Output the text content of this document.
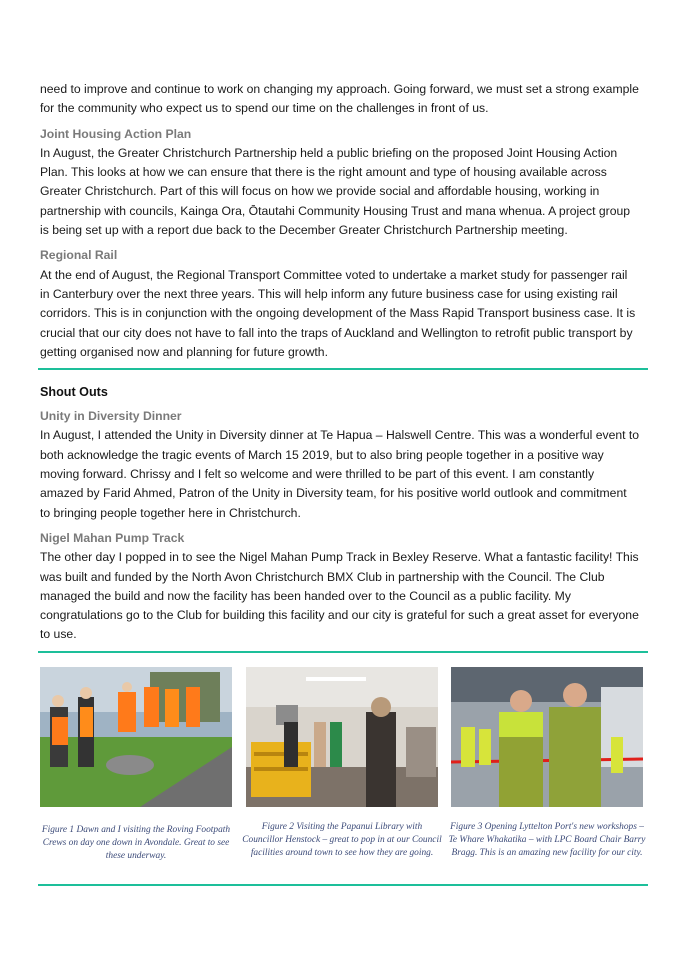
need to improve and continue to work on changing my approach. Going forward, we must set a strong example for the community who expect us to spend our time on the challenges in front of us.

Joint Housing Action Plan

In August, the Greater Christchurch Partnership held a public briefing on the proposed Joint Housing Action Plan. This looks at how we can ensure that there is the right amount and type of housing available across Greater Christchurch. Part of this will focus on how we provide social and affordable housing, working in partnership with councils, Kainga Ora, Ōtautahi Community Housing Trust and mana whenua. A project group is being set up with a report due back to the December Greater Christchurch Partnership meeting.

Regional Rail

At the end of August, the Regional Transport Committee voted to undertake a market study for passenger rail in Canterbury over the next three years. This will help inform any future business case for using existing rail corridors. This is in conjunction with the ongoing development of the Mass Rapid Transport business case. It is crucial that our city does not have to fall into the traps of Auckland and Wellington to retrofit public transport by getting organised now and planning for future growth.

Shout Outs
Unity in Diversity Dinner

In August, I attended the Unity in Diversity dinner at Te Hapua – Halswell Centre. This was a wonderful event to both acknowledge the tragic events of March 15 2019, but to also bring people together in a positive way moving forward. Chrissy and I felt so welcome and were thrilled to be part of this event. I am constantly amazed by Farid Ahmed, Patron of the Unity in Diversity team, for his positive world outlook and commitment to bringing people together here in Christchurch.

Nigel Mahan Pump Track

The other day I popped in to see the Nigel Mahan Pump Track in Bexley Reserve. What a fantastic facility! This was built and funded by the North Avon Christchurch BMX Club in partnership with the Council. The Club managed the build and now the facility has been handed over to the Council as a public facility. My congratulations go to the Club for building this facility and our city is grateful for such a great asset for everyone to use.

Figure 1 Dawn and I visiting the Roving Footpath Crews on day one down in Avondale. Great to see these underway.
Figure 2 Visiting the Papanui Library with Councillor Henstock – great to pop in at our Council facilities around town to see how they are going.
Figure 3 Opening Lyttelton Port's new workshops – Te Whare Whakatika – with LPC Board Chair Barry Bragg. This is an amazing new facility for our city.
